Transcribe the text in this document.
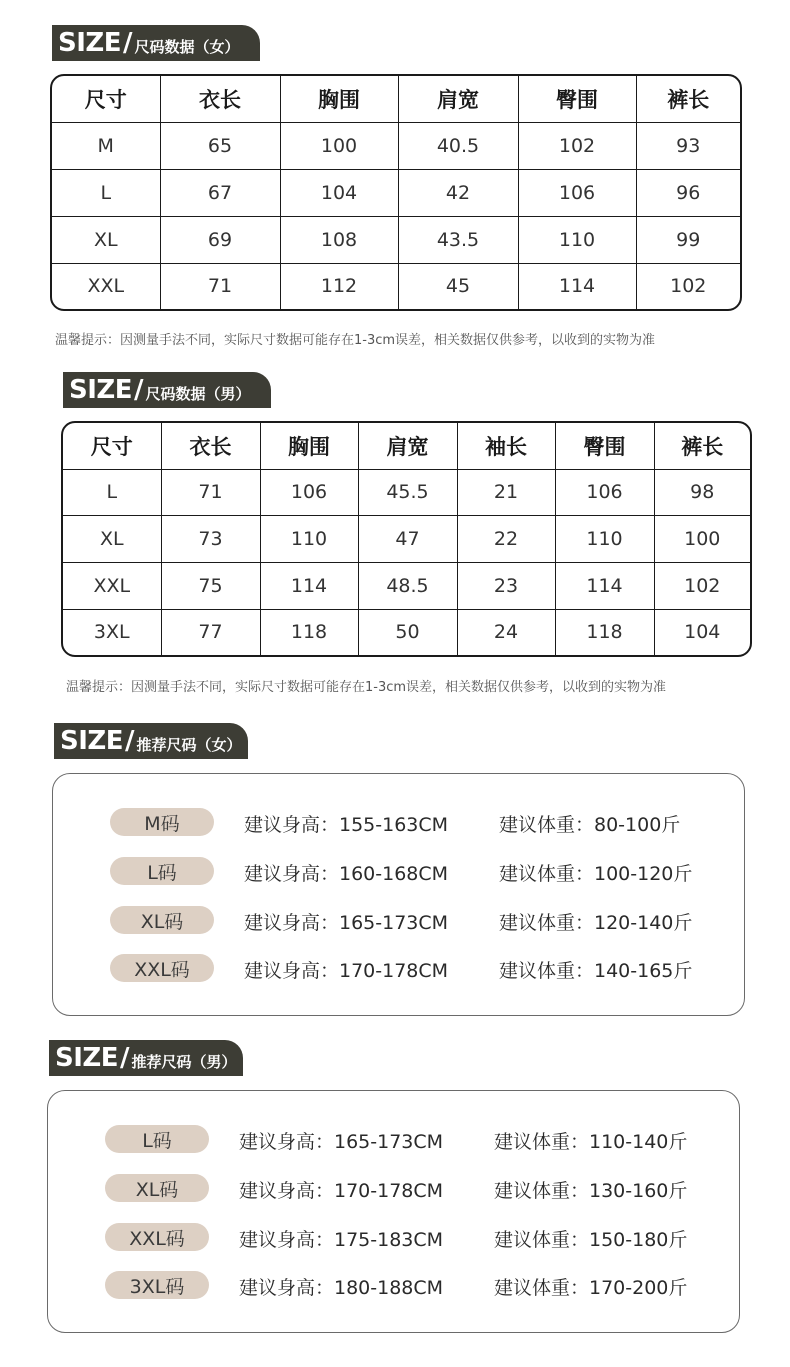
SIZE / 尺码数据（女）
尺寸	衣长	胸围	肩宽	臀围	裤长
M	65	100	40.5	102	93
L	67	104	42	106	96
XL	69	108	43.5	110	99
XXL	71	112	45	114	102
温馨提示：因测量手法不同，实际尺寸数据可能存在1-3cm误差，相关数据仅供参考，以收到的实物为准
SIZE / 尺码数据（男）
尺寸	衣长	胸围	肩宽	袖长	臀围	裤长
L	71	106	45.5	21	106	98
XL	73	110	47	22	110	100
XXL	75	114	48.5	23	114	102
3XL	77	118	50	24	118	104
温馨提示：因测量手法不同，实际尺寸数据可能存在1-3cm误差，相关数据仅供参考，以收到的实物为准
SIZE / 推荐尺码（女）
M码	建议身高：155-163CM	建议体重：80-100斤
L码	建议身高：160-168CM	建议体重：100-120斤
XL码	建议身高：165-173CM	建议体重：120-140斤
XXL码	建议身高：170-178CM	建议体重：140-165斤
SIZE / 推荐尺码（男）
L码	建议身高：165-173CM	建议体重：110-140斤
XL码	建议身高：170-178CM	建议体重：130-160斤
XXL码	建议身高：175-183CM	建议体重：150-180斤
3XL码	建议身高：180-188CM	建议体重：170-200斤
